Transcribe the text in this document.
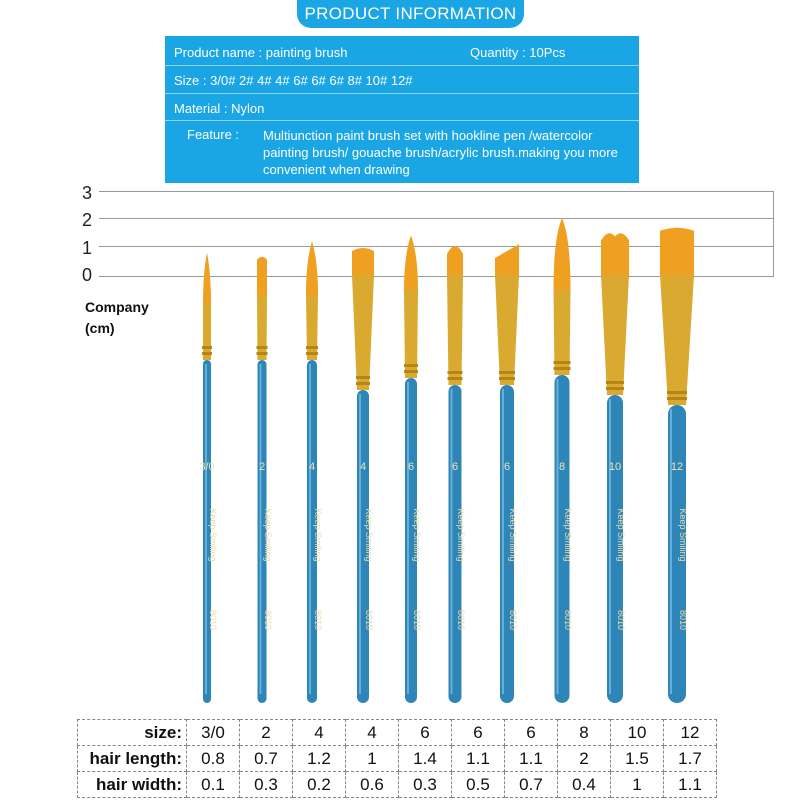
PRODUCT INFORMATION
Product name : painting brush	Quantity : 10Pcs
Size : 3/0# 2# 4# 4# 6# 6# 6# 8# 10# 12#
Material : Nylon
Feature : Multiunction paint brush set with hookline pen /watercolor painting brush/ gouache brush/acrylic brush.making you more convenient when drawing
3
2
1
0
Company
(cm)
3/0
Keep Smiling
8010
2
Keep Smiling
8010
4
Keep Smiling
8010
4
Keep Smiling
8010
6
Keep Smiling
8010
6
Keep Smiling
8010
6
Keep Smiling
8010
8
Keep Smiling
8010
10
Keep Smiling
8010
12
Keep Smiling
8010
size:	3/0	2	4	4	6	6	6	8	10	12
hair length:	0.8	0.7	1.2	1	1.4	1.1	1.1	2	1.5	1.7
hair width:	0.1	0.3	0.2	0.6	0.3	0.5	0.7	0.4	1	1.1
